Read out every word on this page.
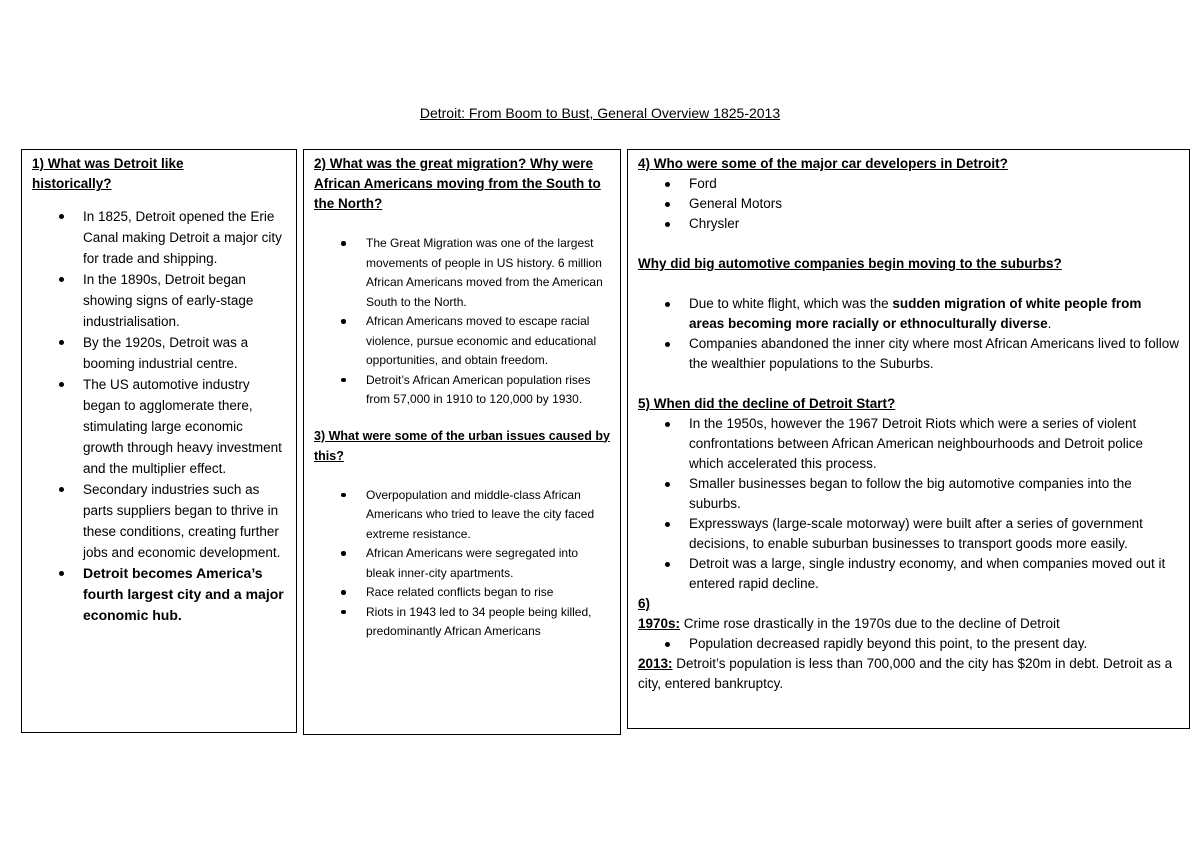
Detroit: From Boom to Bust, General Overview 1825-2013

1) What was Detroit like
historically?

In 1825, Detroit opened the Erie Canal making Detroit a major city for trade and shipping.
In the 1890s, Detroit began showing signs of early-stage industrialisation.
By the 1920s, Detroit was a booming industrial centre.
The US automotive industry began to agglomerate there, stimulating large economic growth through heavy investment and the multiplier effect.
Secondary industries such as parts suppliers began to thrive in these conditions, creating further jobs and economic development.
Detroit becomes America’s fourth largest city and a major economic hub.

2) What was the great migration? Why were African Americans moving from the South to the North?

The Great Migration was one of the largest movements of people in US history. 6 million African Americans moved from the American South to the North.
African Americans moved to escape racial violence, pursue economic and educational opportunities, and obtain freedom.
Detroit’s African American population rises from 57,000 in 1910 to 120,000 by 1930.

3) What were some of the urban issues caused by this?

Overpopulation and middle-class African Americans who tried to leave the city faced extreme resistance.
African Americans were segregated into bleak inner-city apartments.
Race related conflicts began to rise
Riots in 1943 led to 34 people being killed, predominantly African Americans

4) Who were some of the major car developers in Detroit?

Ford
General Motors
Chrysler

Why did big automotive companies begin moving to the suburbs?

Due to white flight, which was the sudden migration of white people from areas becoming more racially or ethnoculturally diverse.
Companies abandoned the inner city where most African Americans lived to follow the wealthier populations to the Suburbs.

5) When did the decline of Detroit Start?

In the 1950s, however the 1967 Detroit Riots which were a series of violent confrontations between African American neighbourhoods and Detroit police which accelerated this process.
Smaller businesses began to follow the big automotive companies into the suburbs.
Expressways (large-scale motorway) were built after a series of government decisions, to enable suburban businesses to transport goods more easily.
Detroit was a large, single industry economy, and when companies moved out it entered rapid decline.

6)

1970s: Crime rose drastically in the 1970s due to the decline of Detroit

Population decreased rapidly beyond this point, to the present day.

2013: Detroit’s population is less than 700,000 and the city has $20m in debt. Detroit as a city, entered bankruptcy.
